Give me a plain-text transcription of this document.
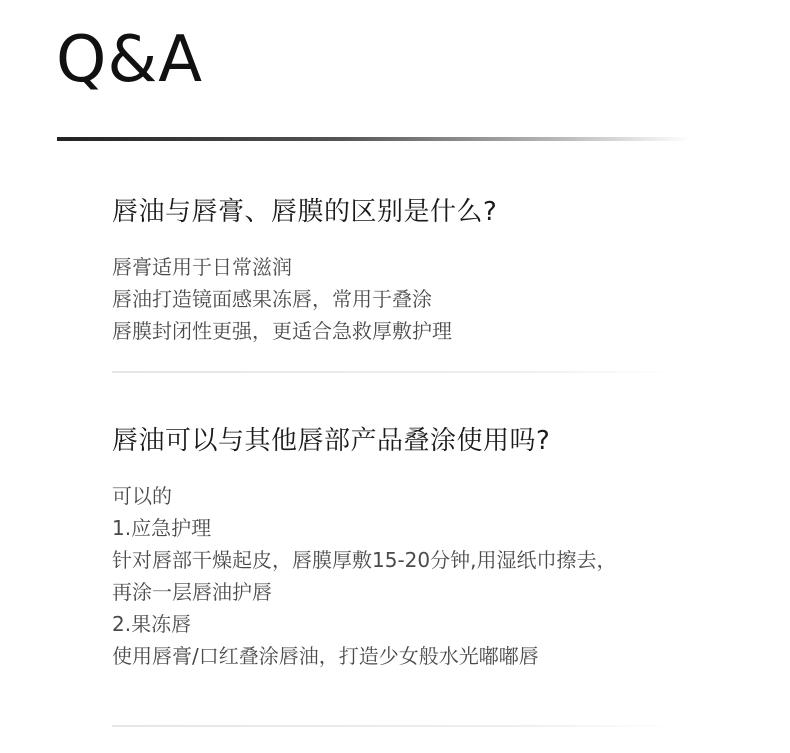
Q&A
唇油与唇膏、唇膜的区别是什么?

唇膏适用于日常滋润

唇油打造镜面感果冻唇，常用于叠涂

唇膜封闭性更强，更适合急救厚敷护理

唇油可以与其他唇部产品叠涂使用吗?

可以的

1.应急护理

针对唇部干燥起皮，唇膜厚敷15-20分钟,用湿纸巾擦去，

再涂一层唇油护唇

2.果冻唇

使用唇膏/口红叠涂唇油，打造少女般水光嘟嘟唇
